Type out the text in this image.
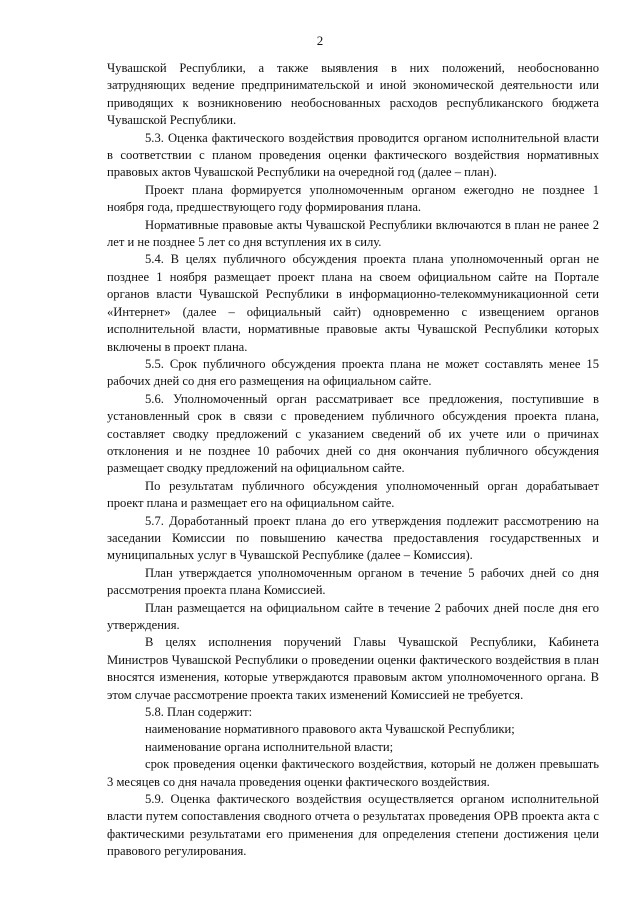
2

Чувашской Республики, а также выявления в них положений, необоснованно затрудняющих ведение предпринимательской и иной экономической деятельности или приводящих к возникновению необоснованных расходов республиканского бюджета Чувашской Республики.

5.3. Оценка фактического воздействия проводится органом исполнительной власти в соответствии с планом проведения оценки фактического воздействия нормативных правовых актов Чувашской Республики на очередной год (далее – план).

Проект плана формируется уполномоченным органом ежегодно не позднее 1 ноября года, предшествующего году формирования плана.

Нормативные правовые акты Чувашской Республики включаются в план не ранее 2 лет и не позднее 5 лет со дня вступления их в силу.

5.4. В целях публичного обсуждения проекта плана уполномоченный орган не позднее 1 ноября размещает проект плана на своем официальном сайте на Портале органов власти Чувашской Республики в информационно-телекоммуникационной сети «Интернет» (далее – официальный сайт) одновременно с извещением органов исполнительной власти, нормативные правовые акты Чувашской Республики которых включены в проект плана.

5.5. Срок публичного обсуждения проекта плана не может составлять менее 15 рабочих дней со дня его размещения на официальном сайте.

5.6. Уполномоченный орган рассматривает все предложения, поступившие в установленный срок в связи с проведением публичного обсуждения проекта плана, составляет сводку предложений с указанием сведений об их учете или о причинах отклонения и не позднее 10 рабочих дней со дня окончания публичного обсуждения размещает сводку предложений на официальном сайте.

По результатам публичного обсуждения уполномоченный орган дорабатывает проект плана и размещает его на официальном сайте.

5.7. Доработанный проект плана до его утверждения подлежит рассмотрению на заседании Комиссии по повышению качества предоставления государственных и муниципальных услуг в Чувашской Республике (далее – Комиссия).

План утверждается уполномоченным органом в течение 5 рабочих дней со дня рассмотрения проекта плана Комиссией.

План размещается на официальном сайте в течение 2 рабочих дней после дня его утверждения.

В целях исполнения поручений Главы Чувашской Республики, Кабинета Министров Чувашской Республики о проведении оценки фактического воздействия в план вносятся изменения, которые утверждаются правовым актом уполномоченного органа. В этом случае рассмотрение проекта таких изменений Комиссией не требуется.

5.8. План содержит:

наименование нормативного правового акта Чувашской Республики;

наименование органа исполнительной власти;

срок проведения оценки фактического воздействия, который не должен превышать 3 месяцев со дня начала проведения оценки фактического воздействия.

5.9. Оценка фактического воздействия осуществляется органом исполнительной власти путем сопоставления сводного отчета о результатах проведения ОРВ проекта акта с фактическими результатами его применения для определения степени достижения цели правового регулирования.
